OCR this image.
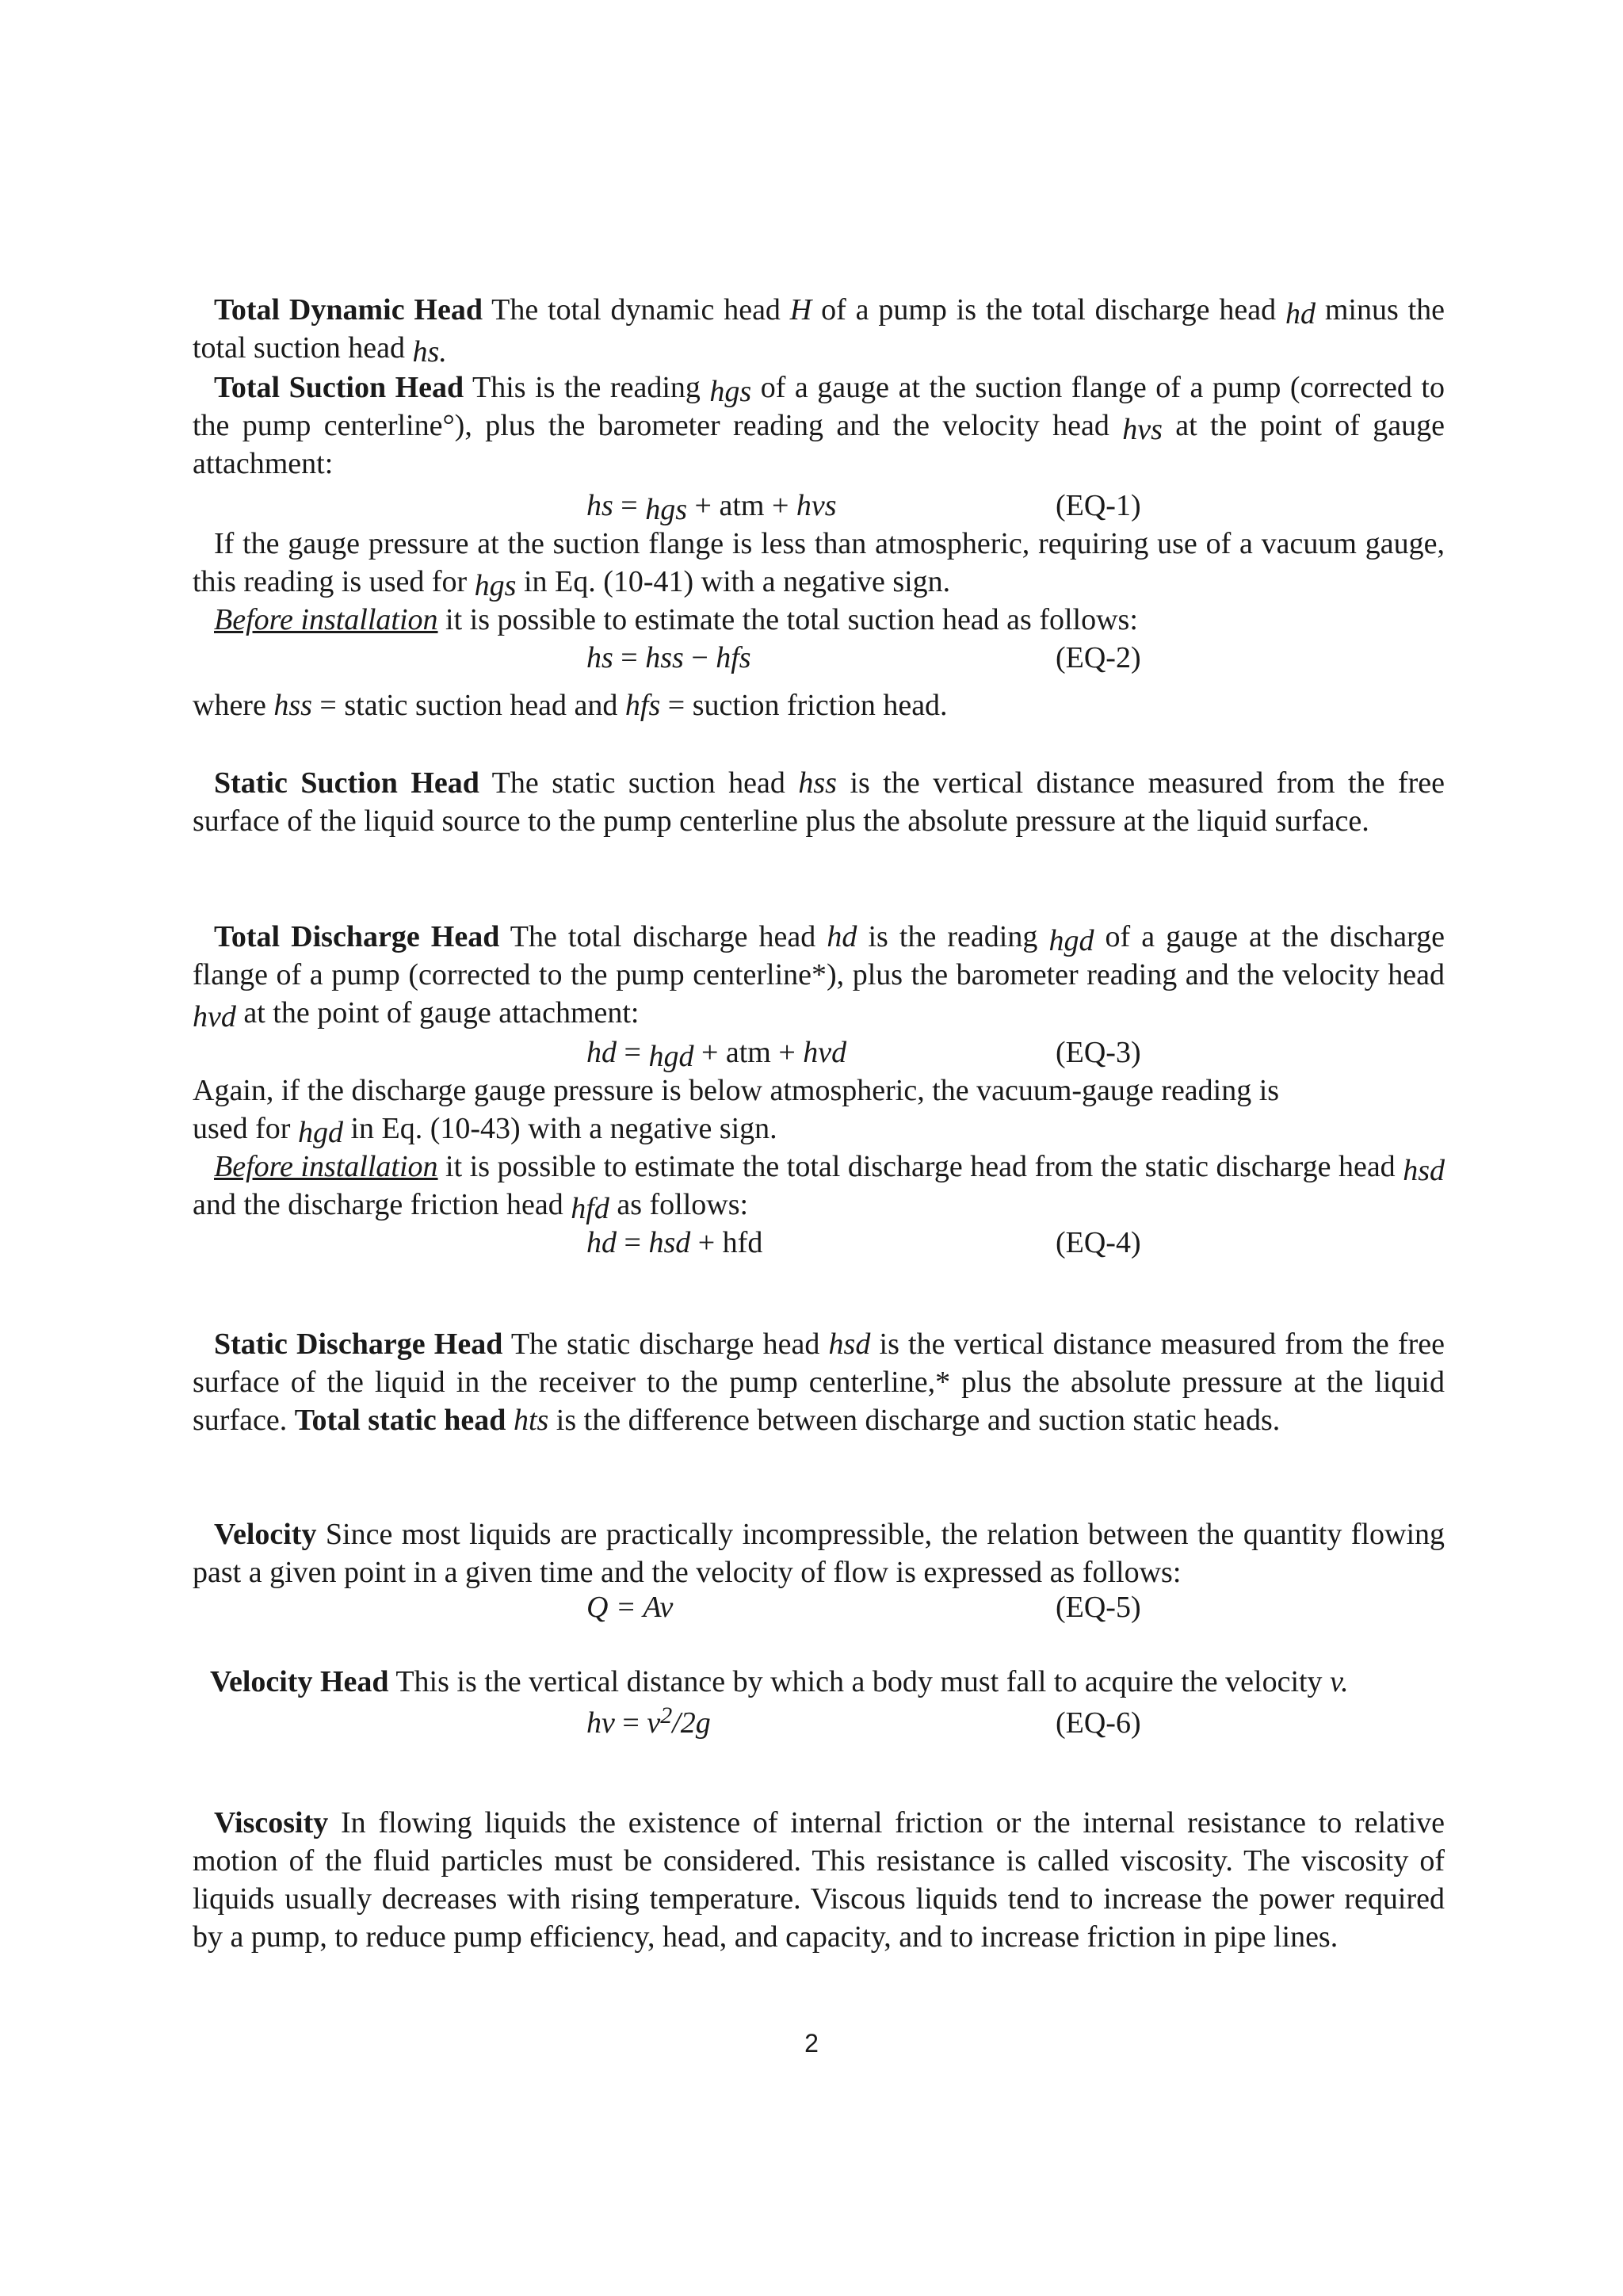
Total Dynamic Head The total dynamic head H of a pump is the total discharge head hd minus the total suction head hs.

Total Suction Head This is the reading hgs of a gauge at the suction flange of a pump (corrected to the pump centerline°), plus the barometer reading and the velocity head hvs at the point of gauge attachment:

hs = hgs + atm + hvs	(EQ-1)

If the gauge pressure at the suction flange is less than atmospheric, requiring use of a vacuum gauge, this reading is used for hgs in Eq. (10-41) with a negative sign.

Before installation it is possible to estimate the total suction head as follows:

hs = hss − hfs	(EQ-2)

where hss = static suction head and hfs = suction friction head.

Static Suction Head The static suction head hss is the vertical distance measured from the free surface of the liquid source to the pump centerline plus the absolute pressure at the liquid surface.

Total Discharge Head The total discharge head hd is the reading hgd of a gauge at the discharge flange of a pump (corrected to the pump centerline*), plus the barometer reading and the velocity head hvd at the point of gauge attachment:

hd = hgd + atm + hvd	(EQ-3)
Again, if the discharge gauge pressure is below atmospheric, the vacuum-gauge reading is
used for hgd in Eq. (10-43) with a negative sign.

Before installation it is possible to estimate the total discharge head from the static discharge head hsd and the discharge friction head hfd as follows:

hd = hsd + hfd	(EQ-4)

Static Discharge Head The static discharge head hsd is the vertical distance measured from the free surface of the liquid in the receiver to the pump centerline,* plus the absolute pressure at the liquid surface. Total static head hts is the difference between discharge and suction static heads.

Velocity Since most liquids are practically incompressible, the relation between the quantity flowing past a given point in a given time and the velocity of flow is expressed as follows:

Q = Av	(EQ-5)

Velocity Head This is the vertical distance by which a body must fall to acquire the velocity v.

hv = $v^2/2g$	(EQ-6)

Viscosity In flowing liquids the existence of internal friction or the internal resistance to relative motion of the fluid particles must be considered. This resistance is called viscosity. The viscosity of liquids usually decreases with rising temperature. Viscous liquids tend to increase the power required by a pump, to reduce pump efficiency, head, and capacity, and to increase friction in pipe lines.

2
